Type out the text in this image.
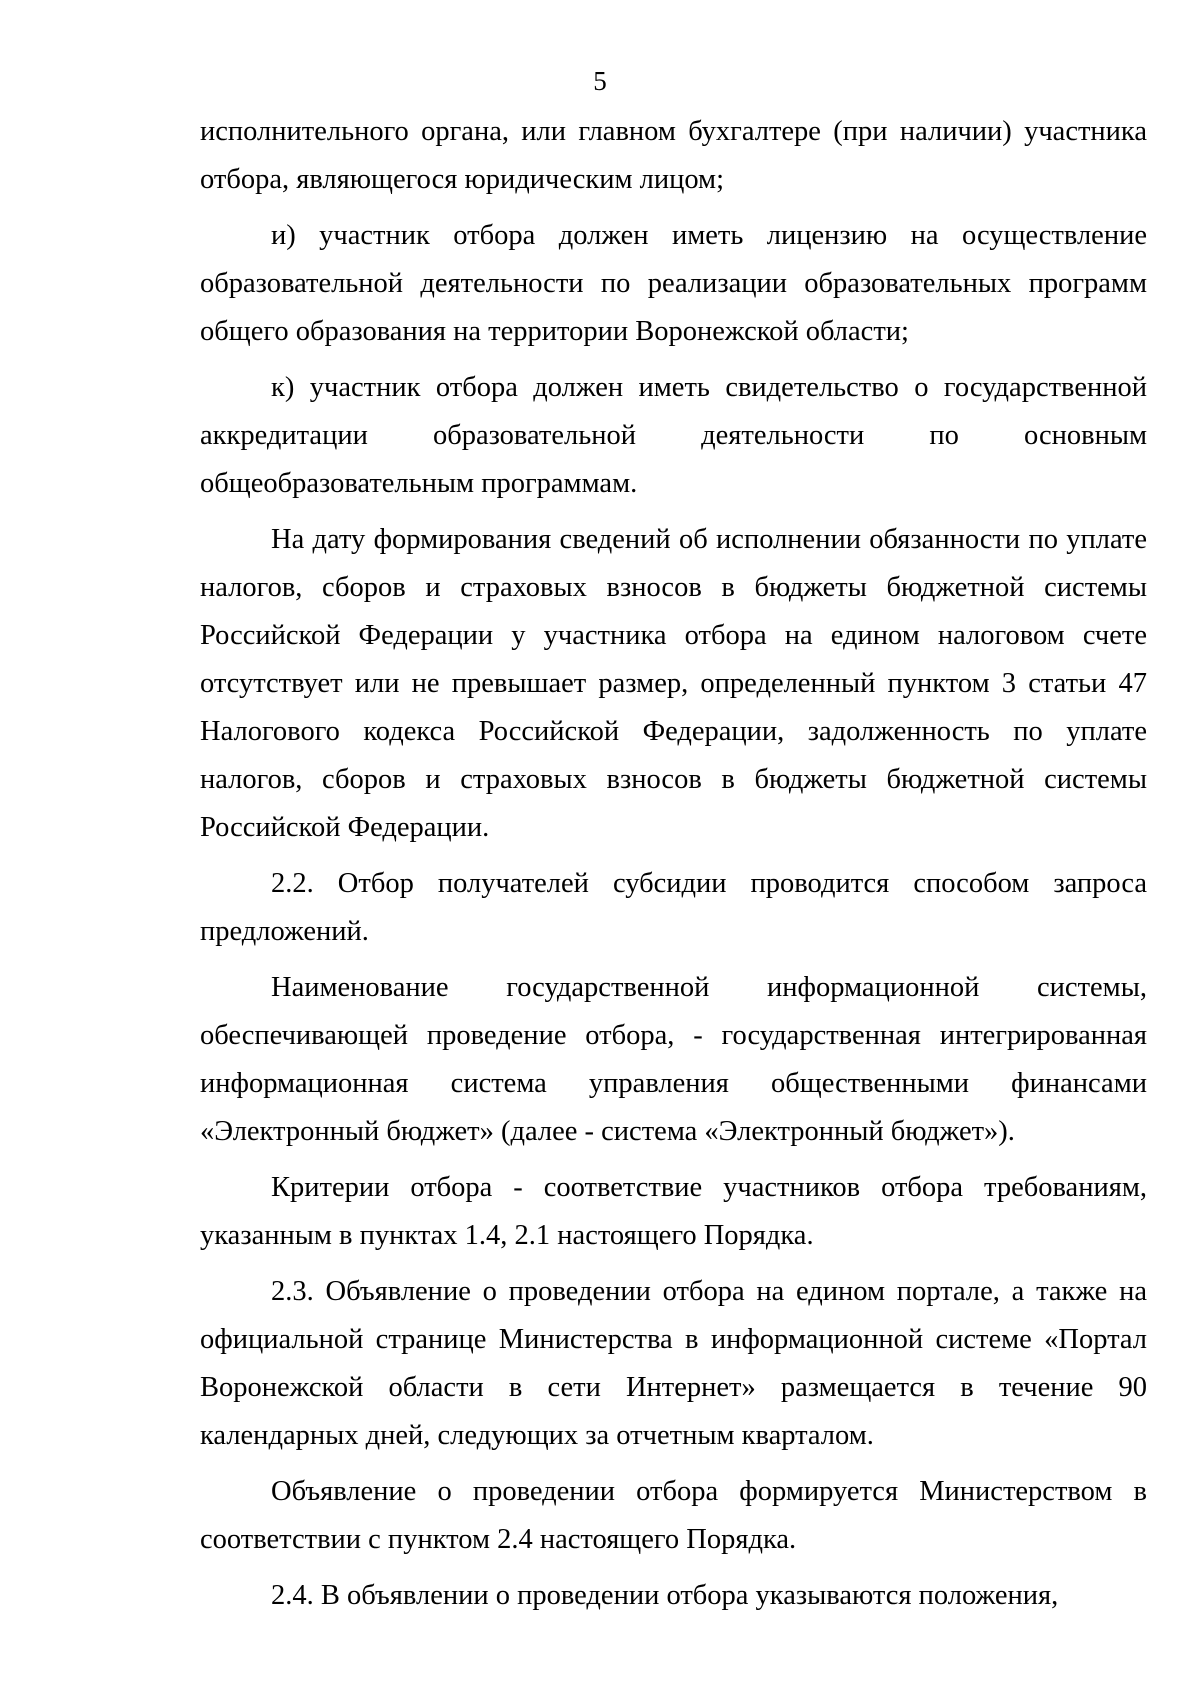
5

исполнительного органа, или главном бухгалтере (при наличии) участника отбора, являющегося юридическим лицом;

и) участник отбора должен иметь лицензию на осуществление образовательной деятельности по реализации образовательных программ общего образования на территории Воронежской области;

к) участник отбора должен иметь свидетельство о государственной аккредитации образовательной деятельности по основным общеобразовательным программам.

На дату формирования сведений об исполнении обязанности по уплате налогов, сборов и страховых взносов в бюджеты бюджетной системы Российской Федерации у участника отбора на едином налоговом счете отсутствует или не превышает размер, определенный пунктом 3 статьи 47 Налогового кодекса Российской Федерации, задолженность по уплате налогов, сборов и страховых взносов в бюджеты бюджетной системы Российской Федерации.

2.2. Отбор получателей субсидии проводится способом запроса предложений.

Наименование государственной информационной системы, обеспечивающей проведение отбора, - государственная интегрированная информационная система управления общественными финансами «Электронный бюджет» (далее - система «Электронный бюджет»).

Критерии отбора - соответствие участников отбора требованиям, указанным в пунктах 1.4, 2.1 настоящего Порядка.

2.3. Объявление о проведении отбора на едином портале, а также на официальной странице Министерства в информационной системе «Портал Воронежской области в сети Интернет» размещается в течение 90 календарных дней, следующих за отчетным кварталом.

Объявление о проведении отбора формируется Министерством в соответствии с пунктом 2.4 настоящего Порядка.

2.4. В объявлении о проведении отбора указываются положения,
